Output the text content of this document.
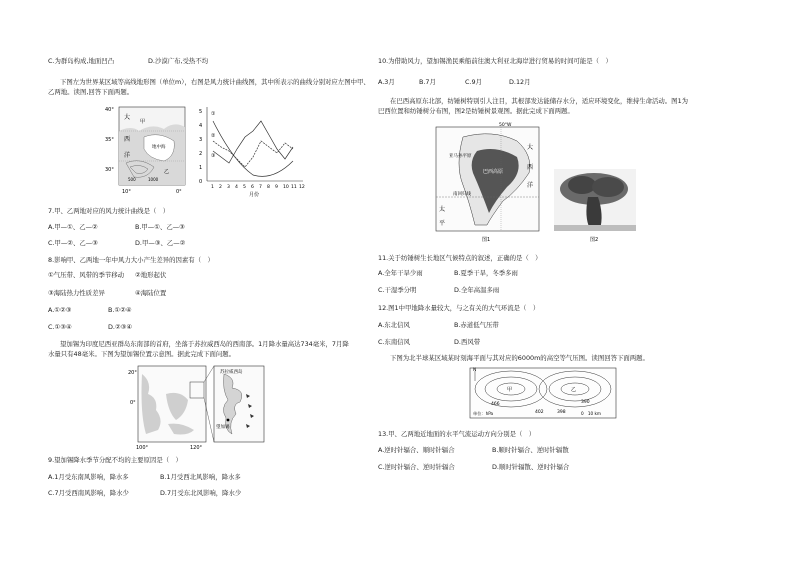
C.为群岛构成,地面凹凸	D.沙漠广布,受热不均
下图左为世界某区域等高线地形图（单位m），右图是风力统计曲线图，其中所表示的曲线分别对应左图中甲、
乙两地。读图,回答下面两题。
40°
35°
30°
10°	0°
大
西
洋
甲
乙
地中海
500	1000
5
4
3
2
1
0
1 2 3 4 5 6 7 8 9 10 11 12
①
②
③
月份
7.甲、乙两地对应的风力统计曲线是（　）
A.甲—①、乙—②	B.甲—①、乙—③
C.甲—②、乙—③	D.甲—③、乙—②
8.影响甲、乙两地一年中风力大小产生差异的因素有（　）
①气压带、风带的季节移动 ②地形起伏
③海陆热力性质差异	④海陆位置
A.①②③	B.①②④
C.①③④	D.②③④
望加锡为印度尼西亚群岛东南部的首府，坐落于苏拉威西岛的西南部。1月降水量高达734毫米，7月降
水量只有48毫米。下图为望加锡位置示意图。据此完成下面问题。
20°
0°
100°	120°
苏拉威西岛
望加锡
9.望加锡降水季节分配不均的主要原因是（　）
A.1月受东南风影响，降水多	B.1月受西北风影响，降水多
C.7月受西南风影响，降水少	D.7月受东北风影响，降水少
10.为借助风力，望加锡渔民乘船前往澳大利亚北海岸进行贸易的时间可能是（　）
A.3月	B.7月	C.9月	D.12月
在巴西高原东北部，纺锤树特别引人注目，其根部发达能储存水分，适应环境变化，维持生命活动。图1为
巴西位置和纺锤树分布图，图2是纺锤树景观图。据此完成下面两题。
50°W
亚马孙平原
巴西高原
大
西
洋
太
平
南回归线
图1	图2
11.关于纺锤树生长地区气候特点的叙述，正确的是（　）
A.全年干旱少雨	B.夏季干旱，冬季多雨
C.干湿季分明	D.全年高温多雨
12.图1中甲地降水量较大，与之有关的大气环流是（　）
A.东北信风	B.赤道低气压带
C.东南信风	D.西风带
下图为北半球某区域某时刻海平面与其对应的6000m的高空等气压图。读图回答下面两题。
N
甲	乙
466
402	398
390
单位：hPa	0　10 km
13.甲、乙两地近地面的水平气流运动方向分别是（　）
A.逆时针辐合、顺时针辐合	B.顺时针辐合、逆时针辐散
C.逆时针辐合、逆时针辐合	D.顺时针辐散、逆时针辐合
